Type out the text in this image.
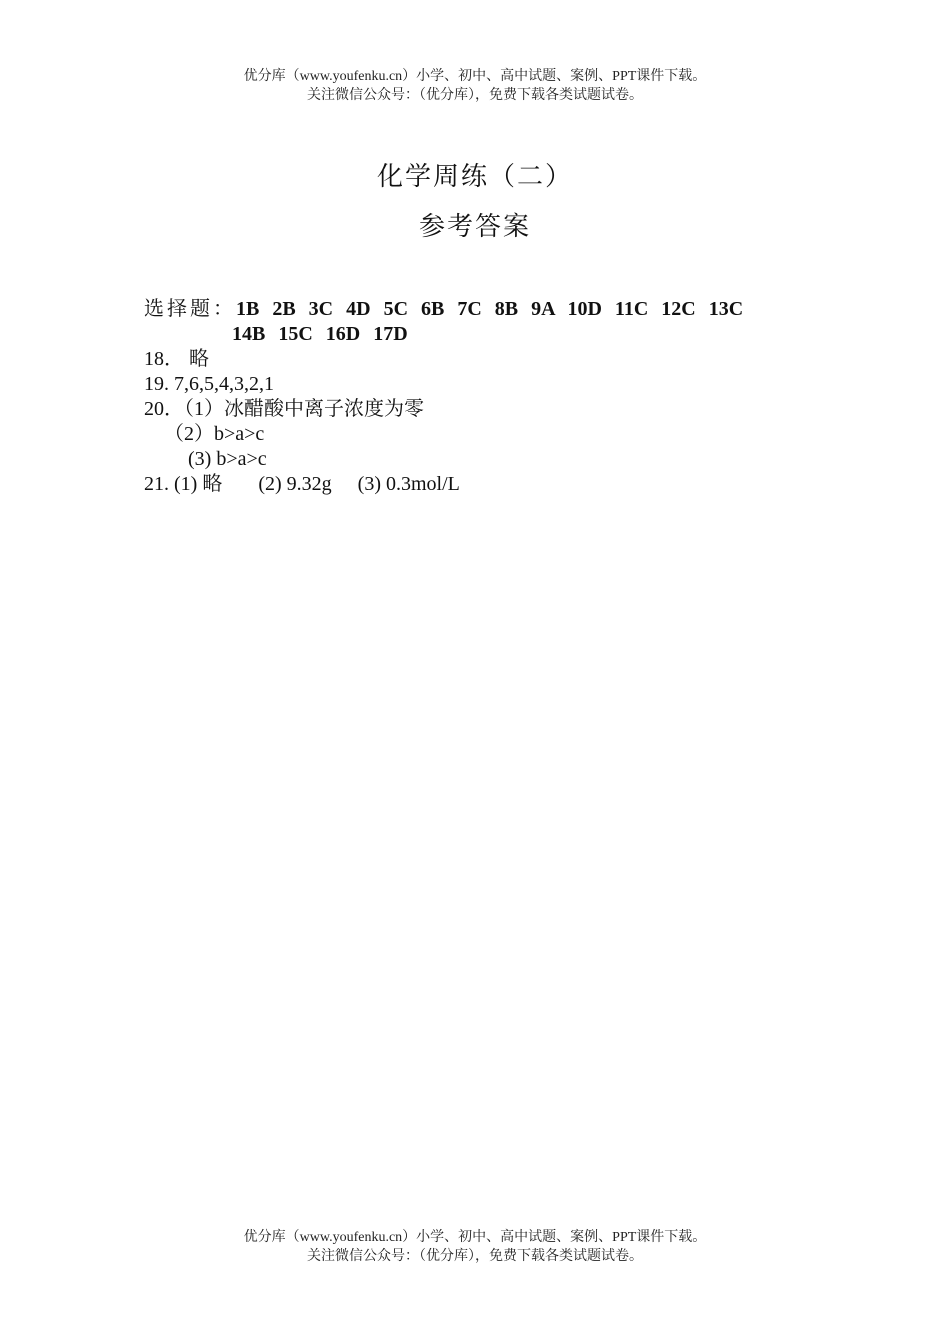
优分库（www.youfenku.cn）小学、初中、高中试题、案例、PPT课件下载。
关注微信公众号：（优分库），免费下载各类试题试卷。
化学周练（二）
参考答案
选择题：1B 2B 3C 4D 5C 6B 7C 8B 9A 10D 11C 12C 13C
14B 15C 16D 17D
18． 略
19. 7,6,5,4,3,2,1
20．（1）冰醋酸中离子浓度为零
（2）b>a>c
(3) b>a>c
21. (1) 略 (2) 9.32g (3) 0.3mol/L
优分库（www.youfenku.cn）小学、初中、高中试题、案例、PPT课件下载。
关注微信公众号：（优分库），免费下载各类试题试卷。
